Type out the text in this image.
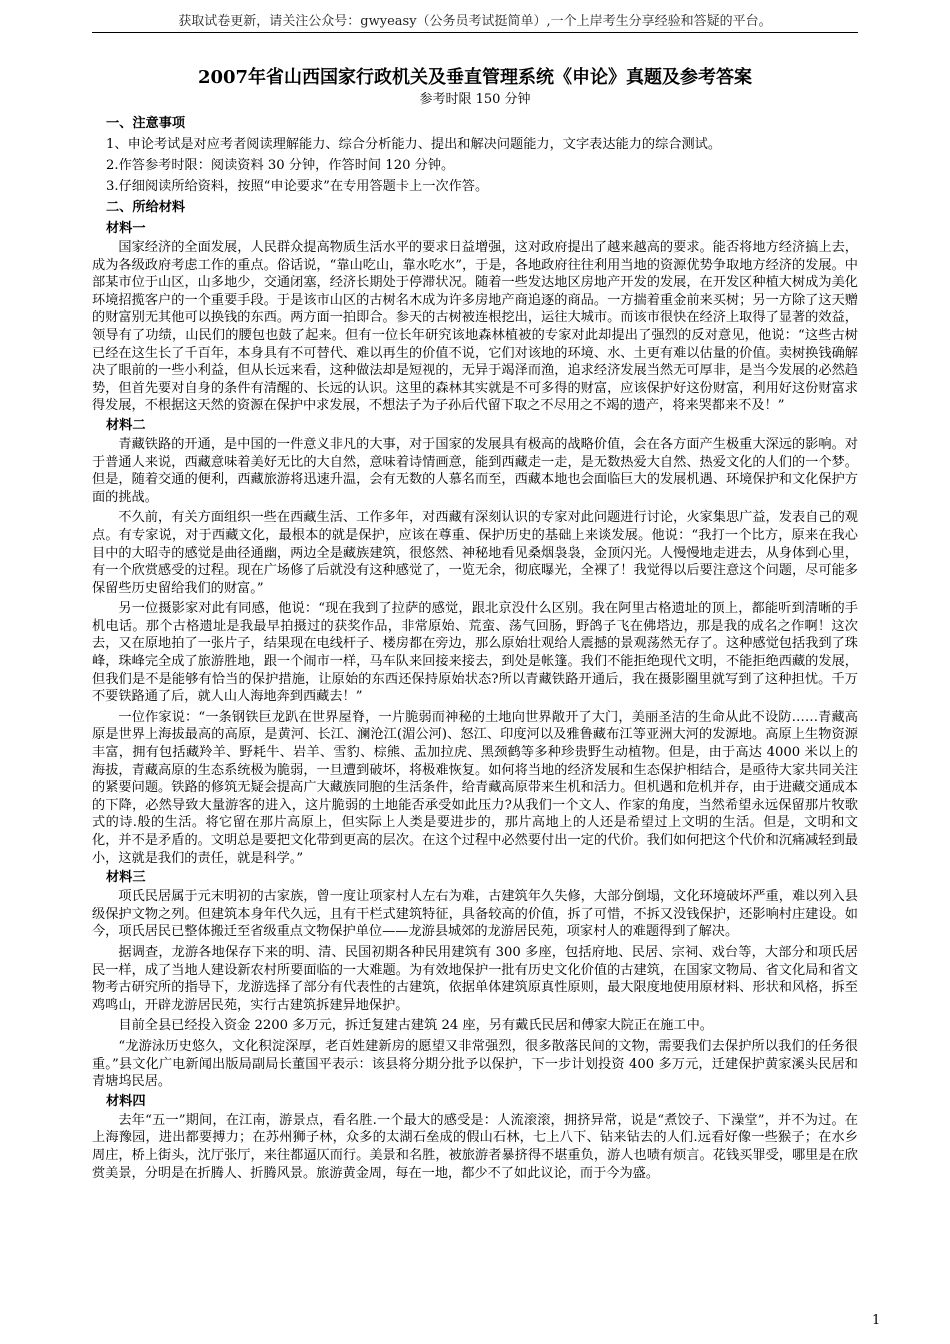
获取试卷更新，请关注公众号：gwyeasy（公务员考试挺简单）,一个上岸考生分享经验和答疑的平台。
2007年省山西国家行政机关及垂直管理系统《申论》真题及参考答案
参考时限 150 分钟
一、注意事项
1、申论考试是对应考者阅读理解能力、综合分析能力、提出和解决问题能力，文字表达能力的综合测试。
2.作答参考时限：阅读资料 30 分钟，作答时间 120 分钟。
3.仔细阅读所给资料，按照“申论要求”在专用答题卡上一次作答。
二、所给材料
材料一

国家经济的全面发展，人民群众提高物质生活水平的要求日益增强，这对政府提出了越来越高的要求。能否将地方经济搞上去，成为各级政府考虑工作的重点。俗话说，“靠山吃山，靠水吃水”，于是，各地政府往往利用当地的资源优势争取地方经济的发展。中部某市位于山区，山多地少，交通闭塞，经济长期处于停滞状况。随着一些发达地区房地产开发的发展，在开发区种植大树成为美化环境招揽客户的一个重要手段。于是该市山区的古树名木成为许多房地产商追逐的商品。一方揣着重金前来买树；另一方除了这天赠的财富别无其他可以换钱的东西。两方面一拍即合。参天的古树被连根挖出，运往大城市。而该市很快在经济上取得了显著的效益，领导有了功绩，山民们的腰包也鼓了起来。但有一位长年研究该地森林植被的专家对此却提出了强烈的反对意见，他说：“这些古树已经在这生长了千百年，本身具有不可替代、难以再生的价值不说，它们对该地的环境、水、土更有难以估量的价值。卖树换钱确解决了眼前的一些小利益，但从长远来看，这种做法却是短视的，无异于竭泽而渔，追求经济发展当然无可厚非，是当今发展的必然趋势，但首先要对自身的条件有清醒的、长远的认识。这里的森林其实就是不可多得的财富，应该保护好这份财富，利用好这份财富求得发展，不根据这天然的资源在保护中求发展，不想法子为子孙后代留下取之不尽用之不竭的遗产，将来哭都来不及！”

材料二

青藏铁路的开通，是中国的一件意义非凡的大事，对于国家的发展具有极高的战略价值，会在各方面产生极重大深远的影响。对于普通人来说，西藏意味着美好无比的大自然，意味着诗情画意，能到西藏走一走，是无数热爱大自然、热爱文化的人们的一个梦。但是，随着交通的便利，西藏旅游将迅速升温，会有无数的人慕名而至，西藏本地也会面临巨大的发展机遇、环境保护和文化保护方面的挑战。

不久前，有关方面组织一些在西藏生活、工作多年，对西藏有深刻认识的专家对此问题进行讨论，火家集思广益，发表自己的观点。有专家说，对于西藏文化，最根本的就是保护，应该在尊重、保护历史的基础上来谈发展。他说：“我打一个比方，原来在我心目中的大昭寺的感觉是曲径通幽，两边全是藏族建筑，很悠然、神秘地看见桑烟袅袅，金顶闪光。人慢慢地走进去，从身体到心里，有一个欣赏感受的过程。现在广场修了后就没有这种感觉了，一览无余，彻底曝光，全裸了！我觉得以后要注意这个问题，尽可能多保留些历史留给我们的财富。”

另一位摄影家对此有同感，他说：“现在我到了拉萨的感觉，跟北京没什么区别。我在阿里古格遗址的顶上，都能听到清晰的手机电话。那个古格遗址是我最早拍摄过的获奖作品，非常原始、荒蛮、荡气回肠，野鸽子飞在佛塔边，那是我的成名之作啊！这次去，又在原地拍了一张片子，结果现在电线杆子、楼房都在旁边，那么原始壮观给人震撼的景观荡然无存了。这种感觉包括我到了珠峰，珠峰完全成了旅游胜地，跟一个闹市一样，马车队来回接来接去，到处是帐篷。我们不能拒绝现代文明，不能拒绝西藏的发展，但我们是不是能够有恰当的保护措施，让原始的东西还保持原始状态?所以青藏铁路开通后，我在摄影圈里就写到了这种担忧。千万不要铁路通了后，就人山人海地奔到西藏去！”

一位作家说：“一条钢铁巨龙趴在世界屋脊，一片脆弱而神秘的土地向世界敞开了大门，美丽圣洁的生命从此不设防……青藏高原是世界上海拔最高的高原，是黄河、长江、澜沧江(湄公河)、怒江、印度河以及雅鲁藏布江等亚洲大河的发源地。高原上生物资源丰富，拥有包括藏羚羊、野耗牛、岩羊、雪豹、棕熊、盂加拉虎、黑颈鹤等多种珍贵野生动植物。但是，由于高达 4000 米以上的海拔，青藏高原的生态系统极为脆弱，一旦遭到破坏，将极难恢复。如何将当地的经济发展和生态保护相结合，是亟待大家共同关注的紧要问题。铁路的修筑无疑会提高广大藏族同胞的生活条件，给青藏高原带来生机和活力。但机遇和危机并存，由于进藏交通成本的下降，必然导致大量游客的进入，这片脆弱的土地能否承受如此压力?从我们一个文人、作家的角度，当然希望永远保留那片牧歌式的诗.般的生活。将它留在那片高原上，但实际上人类是要进步的，那片高地上的人还是希望过上文明的生活。但是，文明和文化，并不是矛盾的。文明总是要把文化带到更高的层次。在这个过程中必然要付出一定的代价。我们如何把这个代价和沉痛减轻到最小，这就是我们的责任，就是科学。”

材料三

项氏民居属于元末明初的古家族，曾一度让项家村人左右为难，古建筑年久失修，大部分倒塌，文化环境破坏严重，难以列入县级保护文物之列。但建筑本身年代久远，且有干栏式建筑特征，具备较高的价值，拆了可惜，不拆又没钱保护，还影响村庄建设。如今，项氏居民已整体搬迁至省级重点文物保护单位——龙游县城郊的龙游居民苑，项家村人的难题得到了解决。

据调查，龙游各地保存下来的明、清、民国初期各种民用建筑有 300 多座，包括府地、民居、宗祠、戏台等，大部分和项氏居民一样，成了当地人建设新农村所要面临的一大难题。为有效地保护一批有历史文化价值的古建筑，在国家文物局、省文化局和省文物考古研究所的指导下，龙游选择了部分有代表性的古建筑，依据单体建筑原真性原则，最大限度地使用原材料、形状和风格，拆至鸡鸣山，开辟龙游居民苑，实行古建筑拆建异地保护。

目前全县已经投入资金 2200 多万元，拆迁复建古建筑 24 座，另有戴氏民居和傅家大院正在施工中。

“龙游泳历史悠久，文化积淀深厚，老百姓建新房的愿望又非常强烈，很多散落民间的文物，需要我们去保护所以我们的任务很重。”县文化广电新闻出版局副局长董国平表示：该县将分期分批予以保护，下一步计划投资 400 多万元，迁建保护黄家溪头民居和青塘坞民居。

材料四

去年“五一”期间，在江南，游景点，看名胜.一个最大的感受是：人流滚滚，拥挤异常，说是“煮饺子、下澡堂”，并不为过。在上海豫园，进出都要搏力；在苏州狮子林，众多的太湖石垒成的假山石林，七上八下、钻来钻去的人们.远看好像一些猴子；在水乡周庄，桥上街头，沈厅张厅，来往都逼仄而行。美景和名胜，被旅游者暴挤得不堪重负，游人也啧有烦言。花钱买罪受，哪里是在欣赏美景，分明是在折腾人、折腾风景。旅游黄金周，每在一地，都少不了如此议论，而于今为盛。

1
